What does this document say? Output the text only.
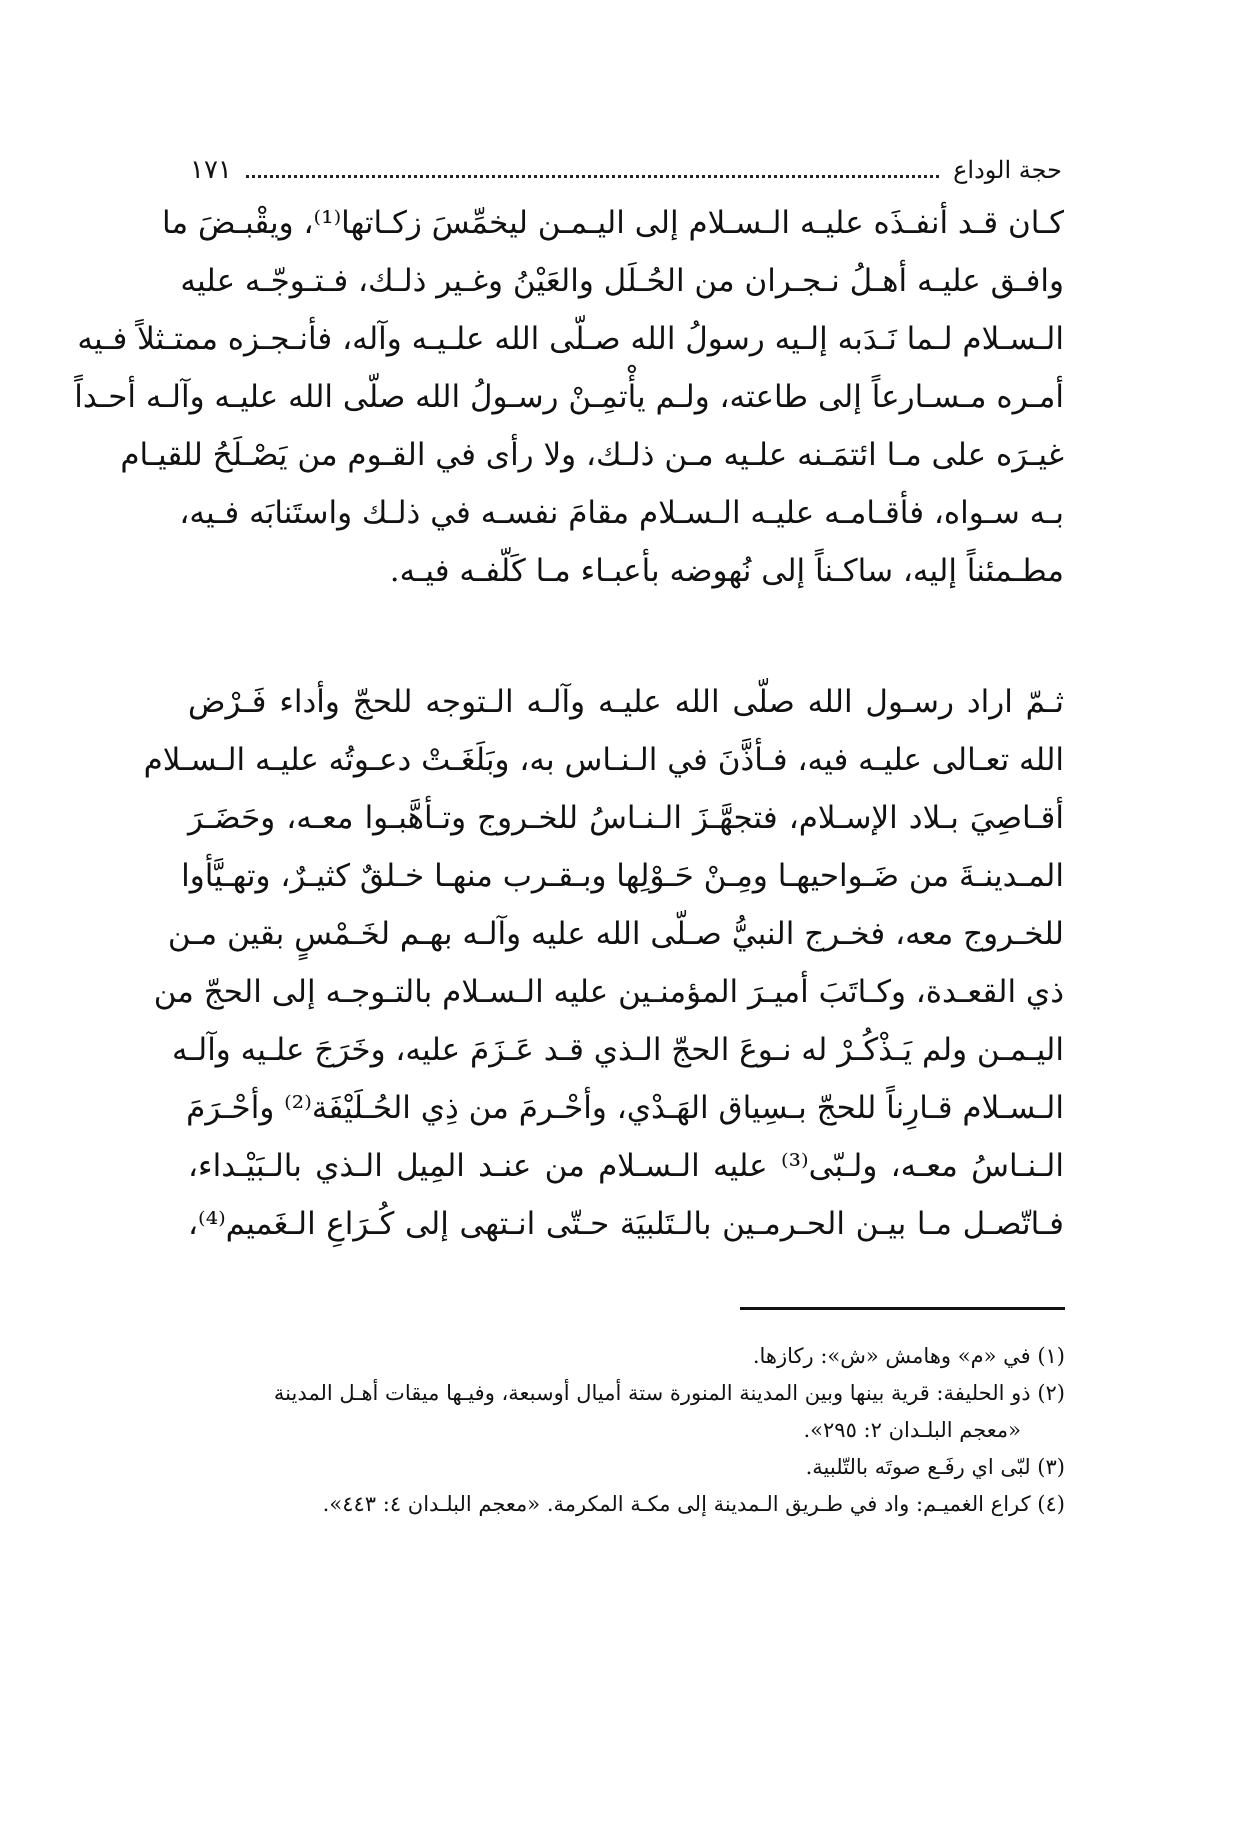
حجة الوداع
١٧١
كـان قـد أنفـذَه عليـه الـسـلام إلى اليـمـن ليخمِّسَ زكـاتها⁽¹⁾، ويقْبـضَ ما
وافـق عليـه أهـلُ نـجـران من الحُـلَل والعَيْنُ وغـير ذلـك، فـتـوجّـه عليه
الـسـلام لـما نَـدَبه إلـيه رسولُ الله صـلّى الله علـيـه وآله، فأنـجـزه ممتـثلاً فـيه
أمـره مـسـارعاً إلى طاعته، ولـم يأْتمِـنْ رسـولُ الله صلّى الله عليـه وآلـه أحـداً
غيـرَه على مـا ائتمَـنه علـيه مـن ذلـك، ولا رأى في القـوم من يَصْـلَحُ للقيـام
بـه سـواه، فأقـامـه عليـه الـسـلام مقامَ نفسـه في ذلـك واستَنابَه فـيه،
مطـمئناً إليه، ساكـناً إلى نُهوضه بأعبـاء مـا كَلّفـه فيـه.
ثـمّ اراد رسـول الله صلّى الله عليـه وآلـه الـتوجه للحجّ وأداء فَـرْض
الله تعـالى عليـه فيه، فـأذَّنَ في الـنـاس به، وبَلَغَـتْ دعـوتُه عليـه الـسـلام
أقـاصِيَ بـلاد الإسـلام، فتجهَّـزَ الـنـاسُ للخـروج وتـأهَّبـوا معـه، وحَضَـرَ
المـدينـةَ من ضَـواحيهـا ومِـنْ حَـوْلِها وبـقـرب منهـا خـلقٌ كثيـرٌ، وتهـيَّأوا
للخـروج معه، فخـرج النبيُّ صـلّى الله عليه وآلـه بهـم لخَـمْسٍ بقين مـن
ذي القعـدة، وكـاتَبَ أميـرَ المؤمنـين عليه الـسـلام بالتـوجـه إلى الحجّ من
اليـمـن ولم يَـذْكُـرْ له نـوعَ الحجّ الـذي قـد عَـزَمَ عليه، وخَرَجَ علـيه وآلـه
الـسـلام قـارِناً للحجّ بـسِياق الهَـدْي، وأحْـرمَ من ذِي الحُـلَيْفَة⁽²⁾ وأحْـرَمَ
الـنـاسُ معـه، ولـبّى⁽³⁾ عليه الـسـلام من عنـد المِيل الـذي بالـبَيْـداء،
فـاتّصـل مـا بيـن الحـرمـين بالـتَلبيَة حـتّى انـتهى إلى كُـرَاعِ الـغَميم⁽⁴⁾،
(١) في «م» وهامش «ش»: ركازها.
(٢) ذو الحليفة: قرية بينها وبين المدينة المنورة ستة أميال أوسبعة، وفيـها ميقات أهـل المدينة
«معجم البلـدان ٢: ٢٩٥».
(٣) لبّى اي رفَـع صوتَه بالتّلبية.
(٤) كراع الغميـم: واد في طـريق الـمدينة إلى مكـة المكرمة. «معجم البلـدان ٤: ٤٤٣».
